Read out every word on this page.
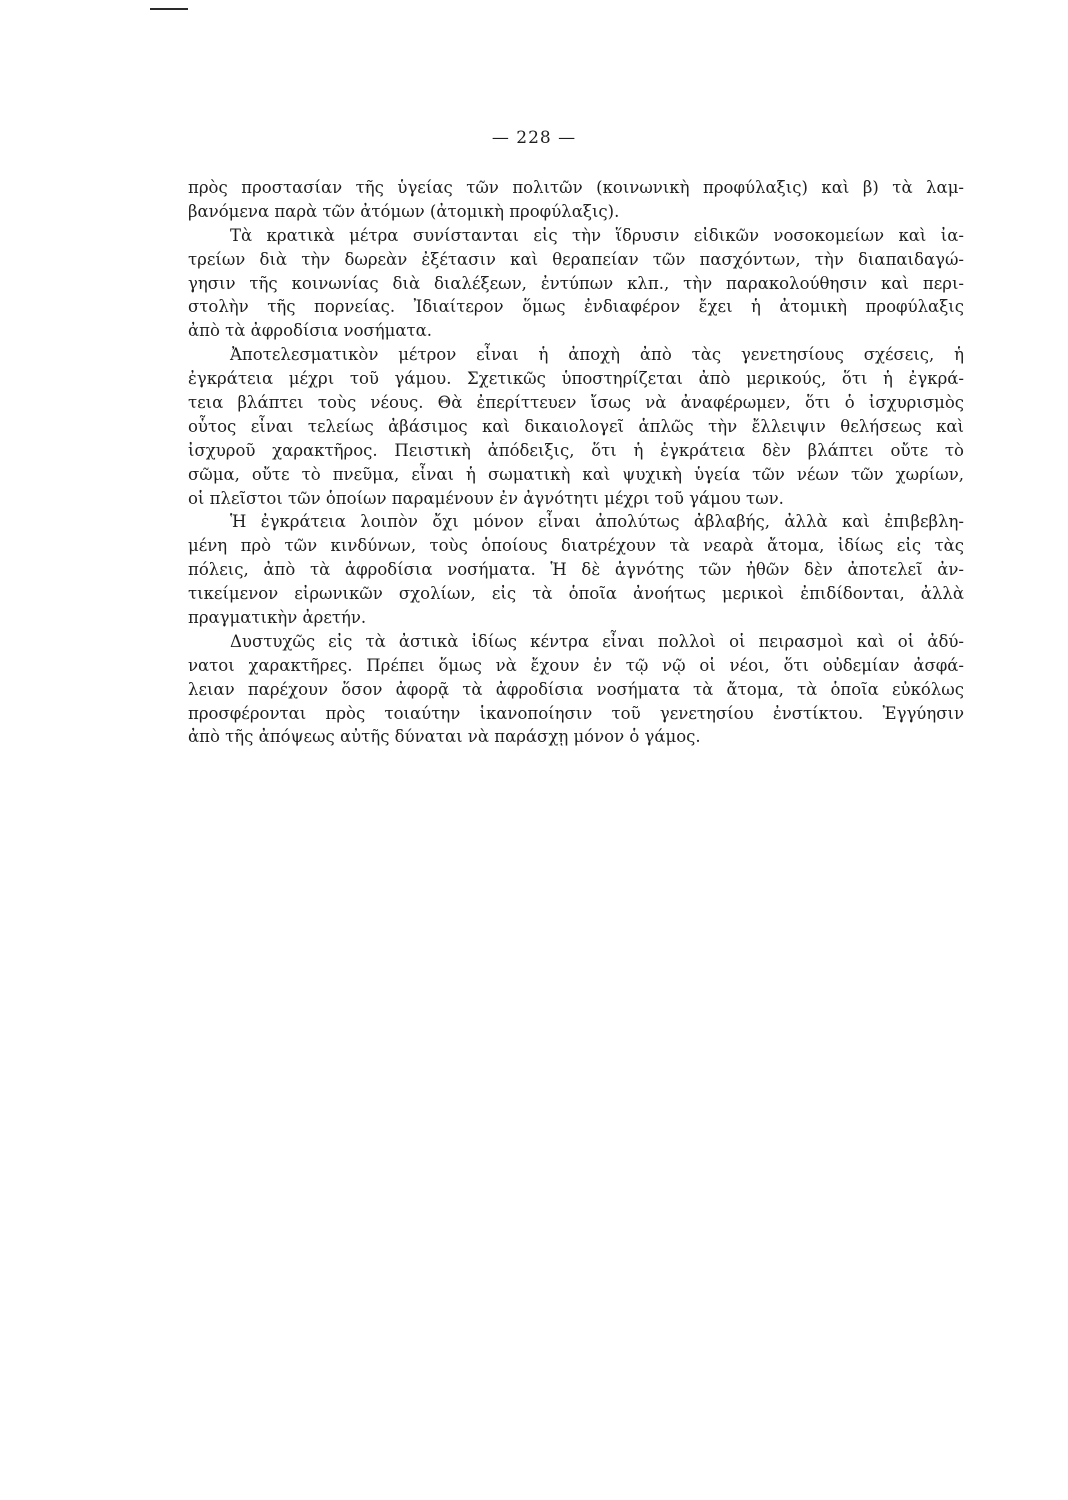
— 228 —
πρὸς προστασίαν τῆς ὑγείας τῶν πολιτῶν (κοινωνικὴ προφύλαξις) καὶ β) τὰ λαμ-
βανόμενα παρὰ τῶν ἀτόμων (ἀτομικὴ προφύλαξις).
Τὰ κρατικὰ μέτρα συνίστανται εἰς τὴν ἵδρυσιν εἰδικῶν νοσοκομείων καὶ ἰα-
τρείων διὰ τὴν δωρεὰν ἐξέτασιν καὶ θεραπείαν τῶν πασχόντων, τὴν διαπαιδαγώ-
γησιν τῆς κοινωνίας διὰ διαλέξεων, ἐντύπων κλπ., τὴν παρακολούθησιν καὶ περι-
στολὴν τῆς πορνείας. Ἰδιαίτερον ὅμως ἐνδιαφέρον ἔχει ἡ ἀτομικὴ προφύλαξις
ἀπὸ τὰ ἀφροδίσια νοσήματα.
Ἀποτελεσματικὸν μέτρον εἶναι ἡ ἀποχὴ ἀπὸ τὰς γενετησίους σχέσεις, ἡ
ἐγκράτεια μέχρι τοῦ γάμου. Σχετικῶς ὑποστηρίζεται ἀπὸ μερικούς, ὅτι ἡ ἐγκρά-
τεια βλάπτει τοὺς νέους. Θὰ ἐπερίττευεν ἴσως νὰ ἀναφέρωμεν, ὅτι ὁ ἰσχυρισμὸς
οὗτος εἶναι τελείως ἀβάσιμος καὶ δικαιολογεῖ ἁπλῶς τὴν ἔλλειψιν θελήσεως καὶ
ἰσχυροῦ χαρακτῆρος. Πειστικὴ ἀπόδειξις, ὅτι ἡ ἐγκράτεια δὲν βλάπτει οὔτε τὸ
σῶμα, οὔτε τὸ πνεῦμα, εἶναι ἡ σωματικὴ καὶ ψυχικὴ ὑγεία τῶν νέων τῶν χωρίων,
οἱ πλεῖστοι τῶν ὁποίων παραμένουν ἐν ἀγνότητι μέχρι τοῦ γάμου των.
Ἡ ἐγκράτεια λοιπὸν ὄχι μόνον εἶναι ἀπολύτως ἀβλαβής, ἀλλὰ καὶ ἐπιβεβλη-
μένη πρὸ τῶν κινδύνων, τοὺς ὁποίους διατρέχουν τὰ νεαρὰ ἄτομα, ἰδίως εἰς τὰς
πόλεις, ἀπὸ τὰ ἀφροδίσια νοσήματα. Ἡ δὲ ἁγνότης τῶν ἠθῶν δὲν ἀποτελεῖ ἀν-
τικείμενον εἰρωνικῶν σχολίων, εἰς τὰ ὁποῖα ἀνοήτως μερικοὶ ἐπιδίδονται, ἀλλὰ
πραγματικὴν ἀρετήν.
Δυστυχῶς εἰς τὰ ἀστικὰ ἰδίως κέντρα εἶναι πολλοὶ οἱ πειρασμοὶ καὶ οἱ ἀδύ-
νατοι χαρακτῆρες. Πρέπει ὅμως νὰ ἔχουν ἐν τῷ νῷ οἱ νέοι, ὅτι οὐδεμίαν ἀσφά-
λειαν παρέχουν ὅσον ἀφορᾷ τὰ ἀφροδίσια νοσήματα τὰ ἄτομα, τὰ ὁποῖα εὐκόλως
προσφέρονται πρὸς τοιαύτην ἱκανοποίησιν τοῦ γενετησίου ἐνστίκτου. Ἐγγύησιν
ἀπὸ τῆς ἀπόψεως αὐτῆς δύναται νὰ παράσχῃ μόνον ὁ γάμος.
